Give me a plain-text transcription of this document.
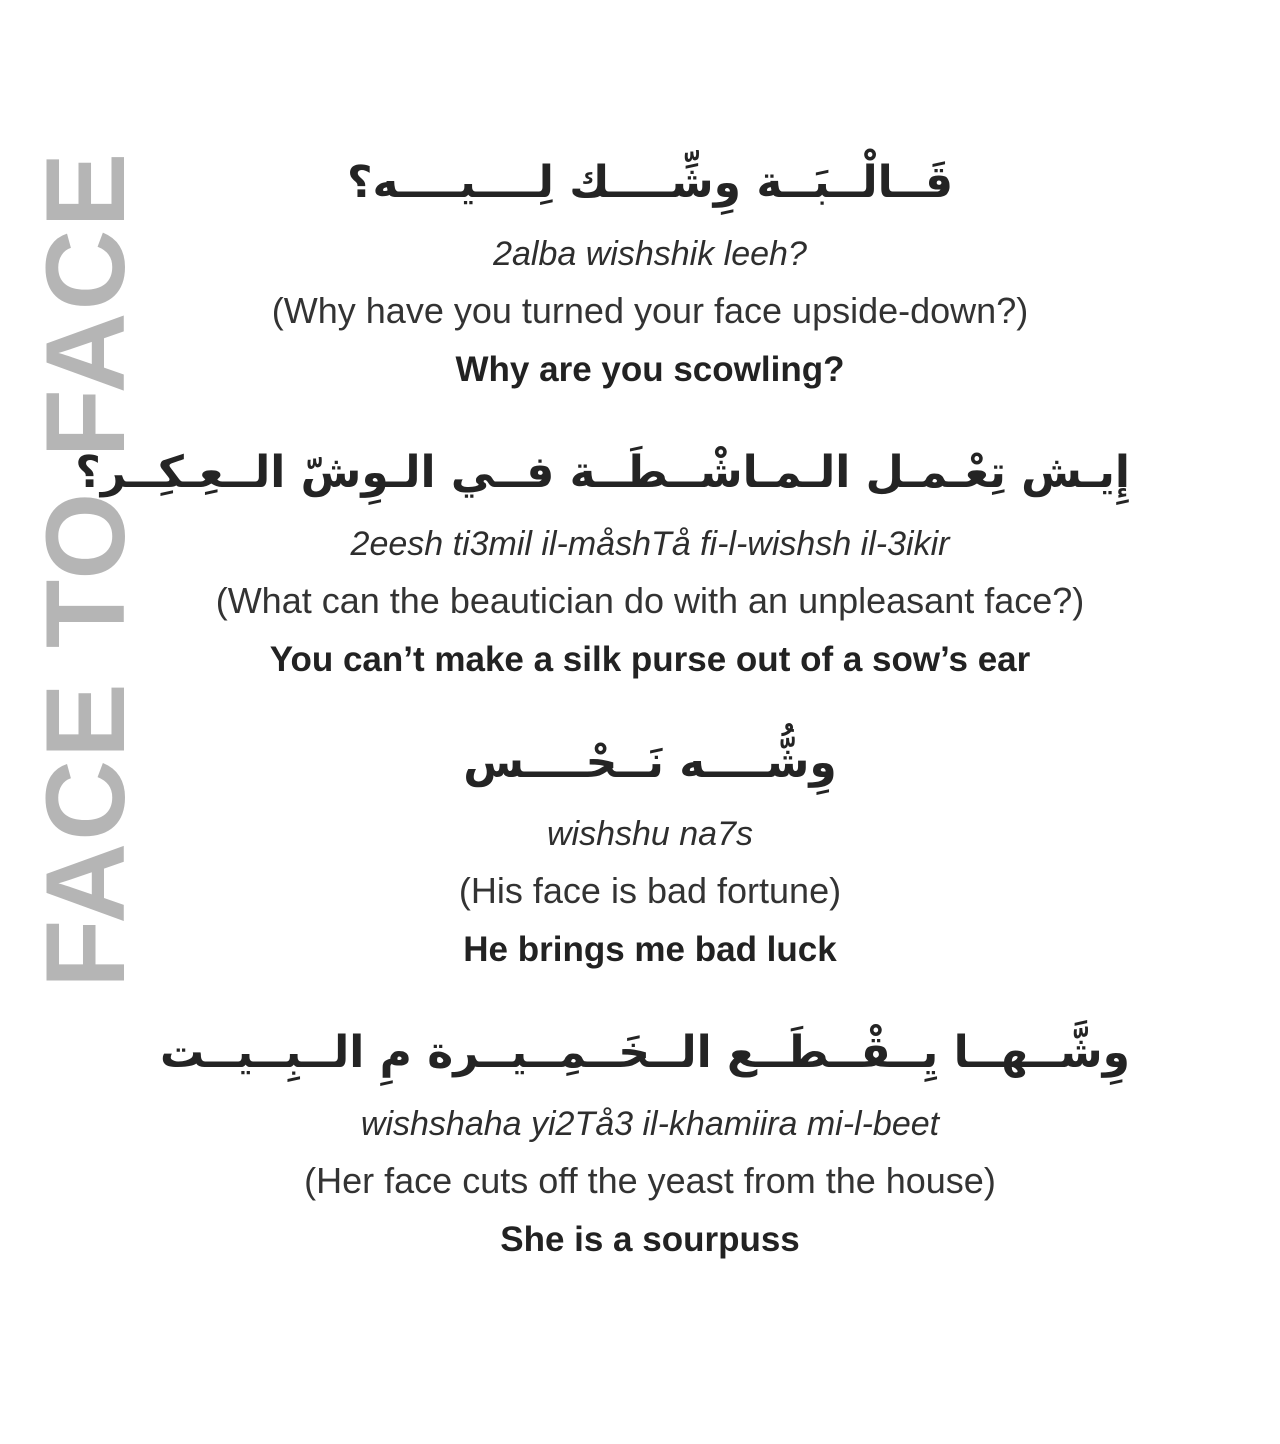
FACE TO FACE	قَــالْــبَــة وِشِّــــك لِــــيــــه؟
2alba wishshik leeh?
(Why have you turned your face upside-down?)
Why are you scowling?
إِيـش تِعْـمـل الـمـاشْــطَــة فــي الـوِشّ الــعِـكِــر؟
2eesh ti3mil il-måshTå fi-l-wishsh il-3ikir
(What can the beautician do with an unpleasant face?)
You can’t make a silk purse out of a sow’s ear
وِشُّــــه نَــحْــــس
wishshu na7s
(His face is bad fortune)
He brings me bad luck
وِشَّــهــا يِــقْــطَــع الــخَــمِــيــرة مِ الــبِــيــت
wishshaha yi2Tå3 il-khamiira mi-l-beet
(Her face cuts off the yeast from the house)
She is a sourpuss
